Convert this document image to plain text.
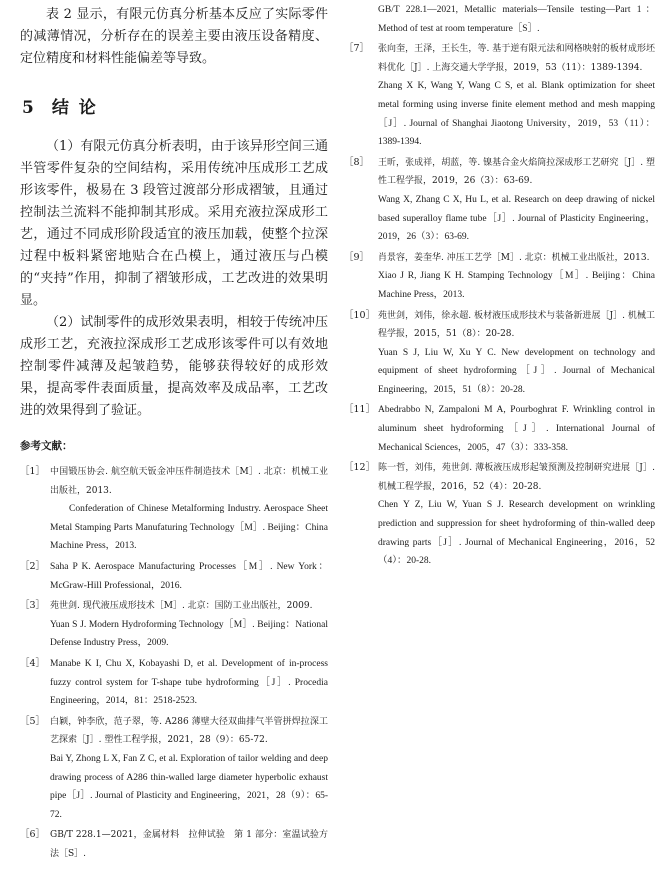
表 2 显示，有限元仿真分析基本反应了实际零件的减薄情况，分析存在的误差主要由液压设备精度、定位精度和材料性能偏差等导致。

5 结 论

（1）有限元仿真分析表明，由于该异形空间三通半管零件复杂的空间结构，采用传统冲压成形工艺成形该零件，极易在 3 段管过渡部分形成褶皱，且通过控制法兰流料不能抑制其形成。采用充液拉深成形工艺，通过不同成形阶段适宜的液压加载，使整个拉深过程中板料紧密地贴合在凸模上，通过液压与凸模的“夹持”作用，抑制了褶皱形成，工艺改进的效果明显。

（2）试制零件的成形效果表明，相较于传统冲压成形工艺，充液拉深成形工艺成形该零件可以有效地控制零件减薄及起皱趋势，能够获得较好的成形效果，提高零件表面质量，提高效率及成品率，工艺改进的效果得到了验证。

参考文献：
［1］ 中国锻压协会. 航空航天钣金冲压件制造技术［M］. 北京：机械工业出版社，2013.
Confederation of Chinese Metalforming Industry. Aerospace Sheet Metal Stamping Parts Manufaturing Technology［M］. Beijing：China Machine Press，2013.
［2］ Saha P K. Aerospace Manufacturing Processes［M］. New York：McGraw-Hill Professional，2016.
［3］ 苑世剑. 现代液压成形技术［M］. 北京：国防工业出版社，2009.
Yuan S J. Modern Hydroforming Technology［M］. Beijing：National Defense Industry Press，2009.
［4］ Manabe K I, Chu X, Kobayashi D, et al. Development of in-process fuzzy control system for T-shape tube hydroforming［J］. Procedia Engineering，2014，81：2518-2523.
［5］ 白颖，钟李欣，范子翠，等. A286 薄壁大径双曲排气半管拼焊拉深工艺探索［J］. 塑性工程学报，2021，28（9）：65-72.
Bai Y, Zhong L X, Fan Z C, et al. Exploration of tailor welding and deep drawing process of A286 thin-walled large diameter hyperbolic exhaust pipe［J］. Journal of Plasticity and Engineering，2021，28（9）：65-72.
［6］ GB/T 228.1—2021，金属材料　拉伸试验　第 1 部分：室温试验方法［S］.
GB/T 228.1—2021, Metallic materials—Tensile testing—Part 1：Method of test at room temperature［S］.
［7］ 张向奎，王泽，王长生，等. 基于逆有限元法和网格映射的板材成形坯料优化［J］. 上海交通大学学报，2019，53（11）：1389-1394.
Zhang X K, Wang Y, Wang C S, et al. Blank optimization for sheet metal forming using inverse finite element method and mesh mapping［J］. Journal of Shanghai Jiaotong University，2019，53（11）：1389-1394.
［8］ 王昕，张成祥，胡蓝，等. 镍基合金火焰筒拉深成形工艺研究［J］. 塑性工程学报，2019，26（3）：63-69.
Wang X, Zhang C X, Hu L, et al. Research on deep drawing of nickel based superalloy flame tube［J］. Journal of Plasticity Engineering，2019，26（3）：63-69.
［9］ 肖景容，姜奎华. 冲压工艺学［M］. 北京：机械工业出版社，2013.
Xiao J R, Jiang K H. Stamping Technology［M］. Beijing：China Machine Press，2013.
［10］ 苑世剑，刘伟，徐永超. 板材液压成形技术与装备新进展［J］. 机械工程学报，2015，51（8）：20-28.
Yuan S J, Liu W, Xu Y C. New development on technology and equipment of sheet hydroforming［J］. Journal of Mechanical Engineering，2015，51（8）：20-28.
［11］ Abedrabbo N, Zampaloni M A, Pourboghrat F. Wrinkling control in aluminum sheet hydroforming［J］. International Journal of Mechanical Sciences，2005，47（3）：333-358.
［12］ 陈一哲，刘伟，苑世剑. 薄板液压成形起皱预测及控制研究进展［J］. 机械工程学报，2016，52（4）：20-28.
Chen Y Z, Liu W, Yuan S J. Research development on wrinkling prediction and suppression for sheet hydroforming of thin-walled deep drawing parts［J］. Journal of Mechanical Engineering，2016，52（4）：20-28.
